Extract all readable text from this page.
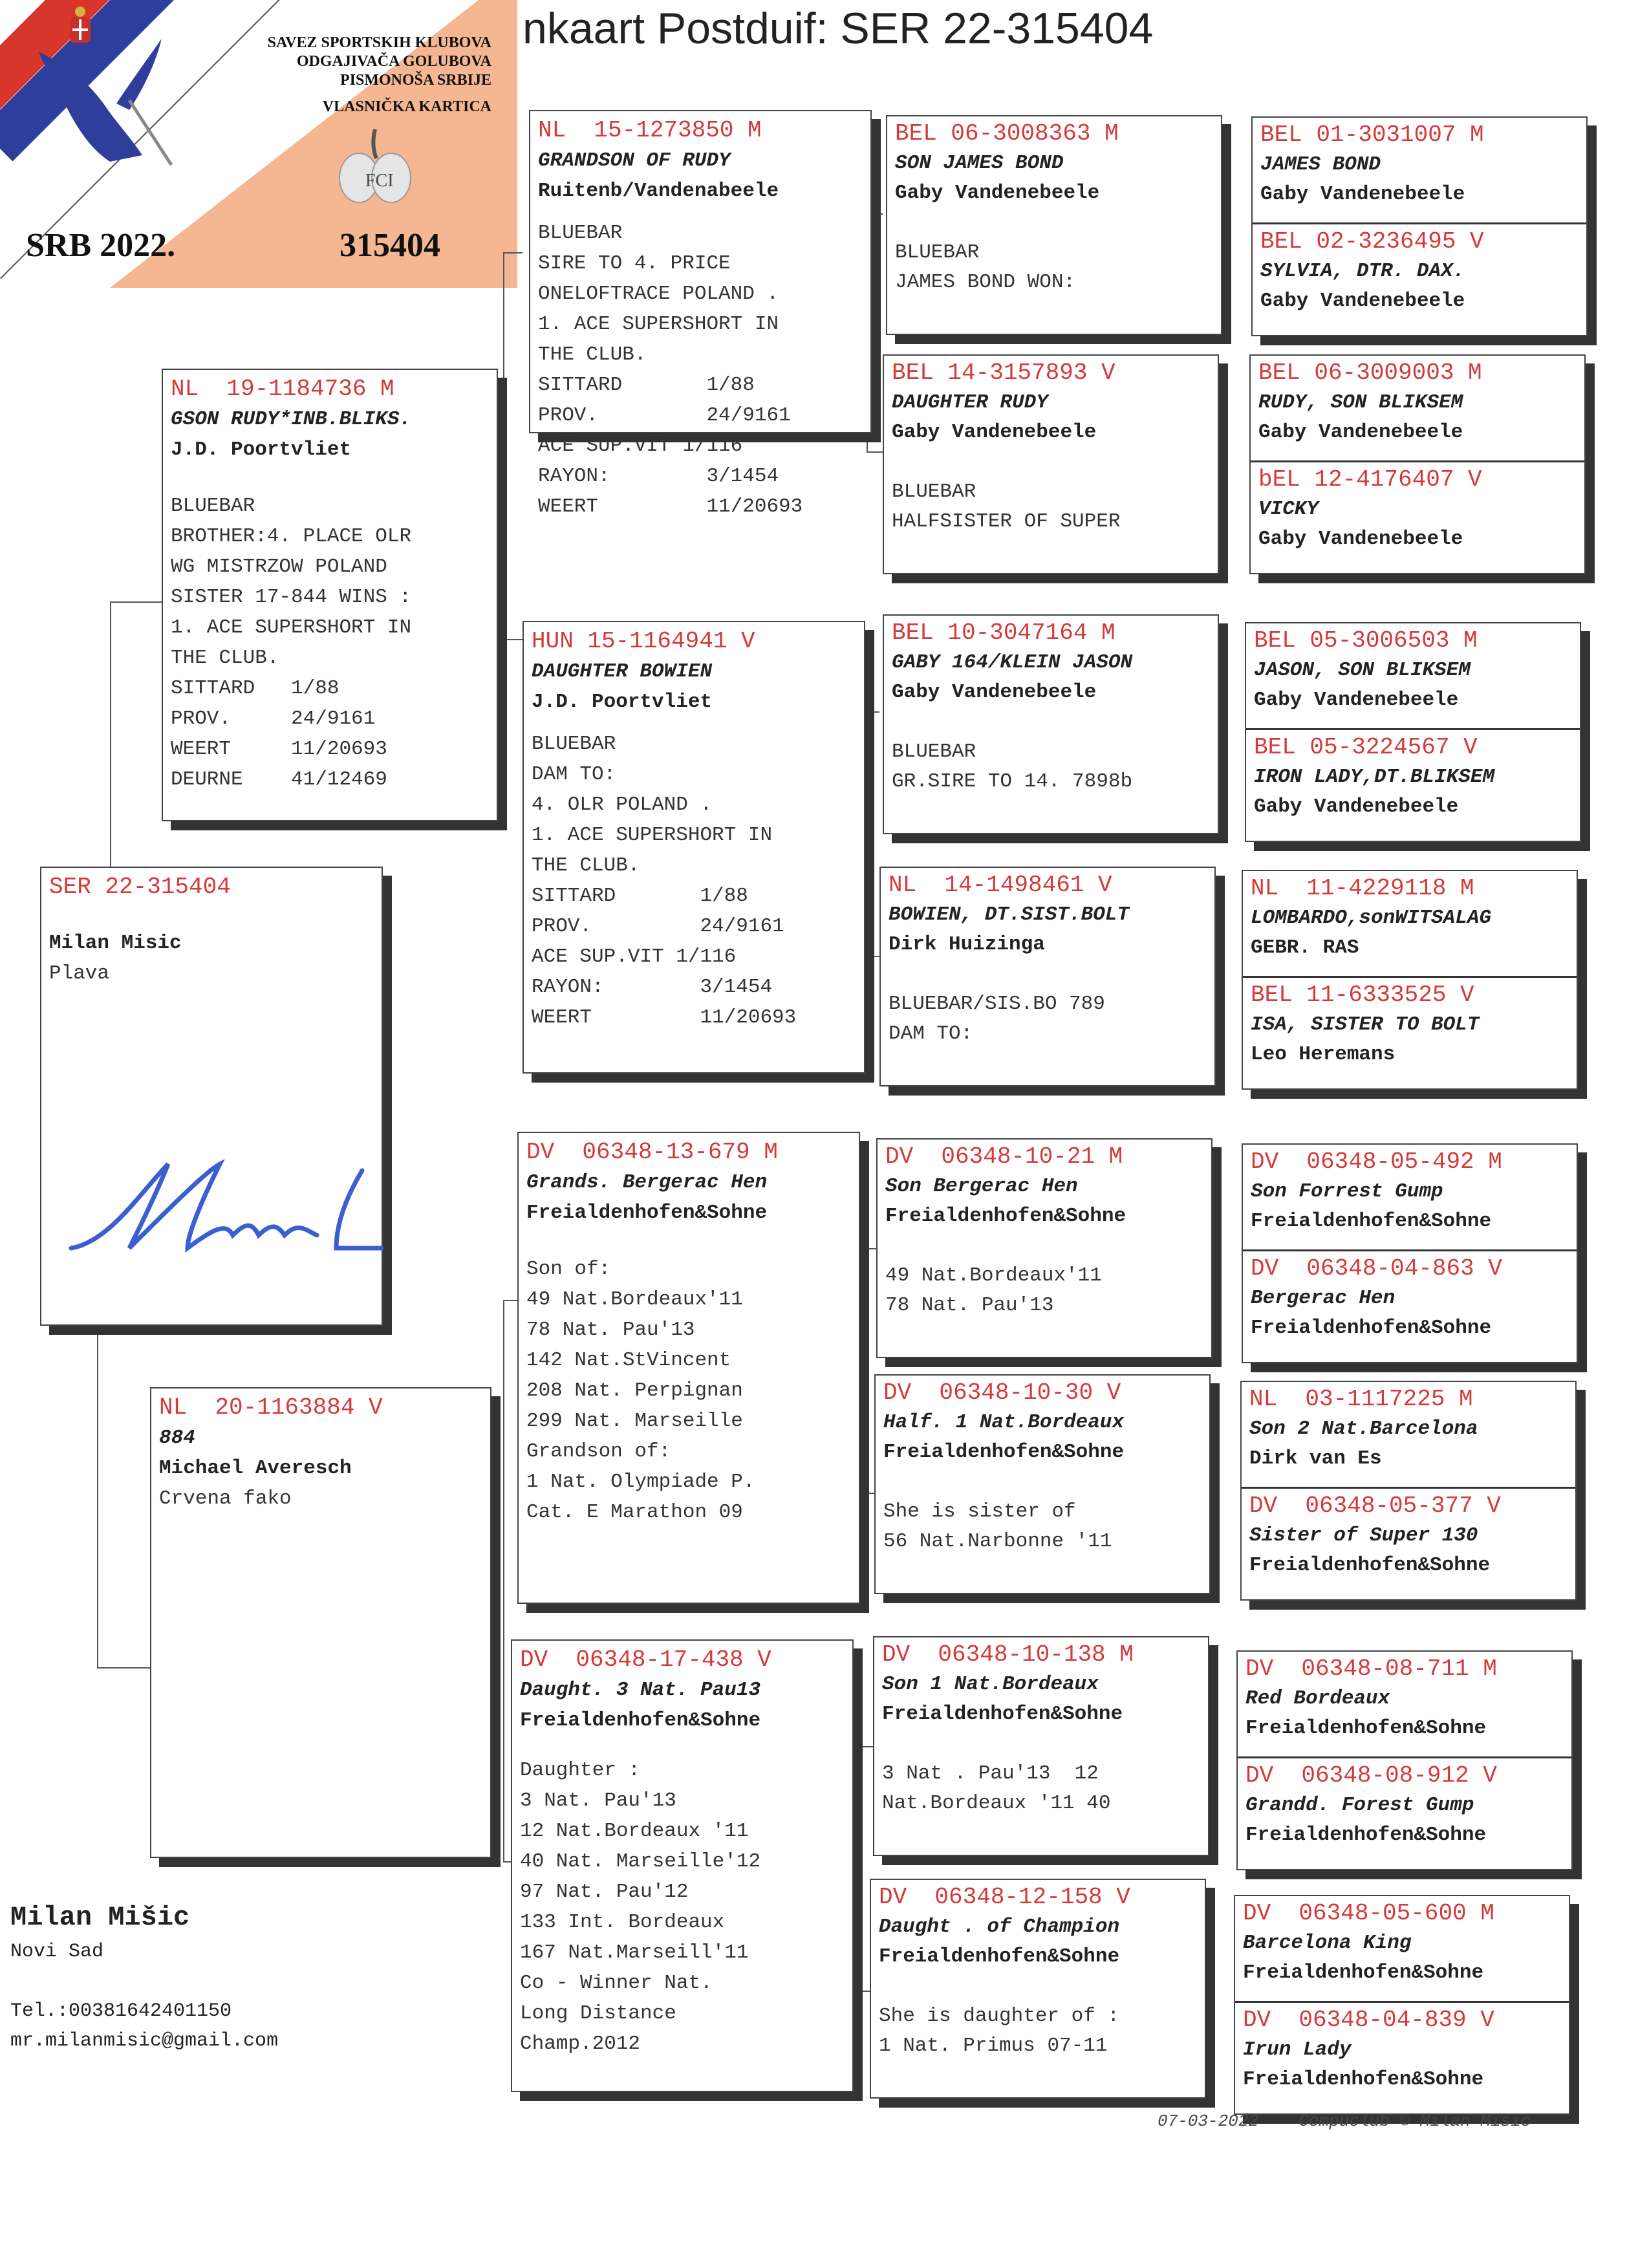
SAVEZ SPORTSKIH KLUBOVA
ODGAJIVAČA GOLUBOVA
PISMONOŠA SRBIJE
VLASNIČKA KARTICA
FCI
SRB 2022.	315404
nkaart Postduif: SER 22-315404
SER 22-315404
Milan Misic
Plava
NL  19-1184736 M
GSON RUDY*INB.BLIKS.
J.D. Poortvliet
BLUEBAR
BROTHER:4. PLACE OLR
WG MISTRZOW POLAND
SISTER 17-844 WINS :
1. ACE SUPERSHORT IN
THE CLUB.
SITTARD   1/88
PROV.     24/9161
WEERT     11/20693
DEURNE    41/12469
NL  20-1163884 V
884
Michael Averesch
Crvena fako
NL  15-1273850 M
GRANDSON OF RUDY
Ruitenb/Vandenabeele
BLUEBAR
SIRE TO 4. PRICE
ONELOFTRACE POLAND .
1. ACE SUPERSHORT IN
THE CLUB.
SITTARD       1/88
PROV.         24/9161
ACE SUP.VIT 1/116
RAYON:        3/1454
WEERT         11/20693
HUN 15-1164941 V
DAUGHTER BOWIEN
J.D. Poortvliet
BLUEBAR
DAM TO:
4. OLR POLAND .
1. ACE SUPERSHORT IN
THE CLUB.
SITTARD       1/88
PROV.         24/9161
ACE SUP.VIT 1/116
RAYON:        3/1454
WEERT         11/20693
DV  06348-13-679 M
Grands. Bergerac Hen
Freialdenhofen&Sohne
Son of:
49 Nat.Bordeaux'11
78 Nat. Pau'13
142 Nat.StVincent
208 Nat. Perpignan
299 Nat. Marseille
Grandson of:
1 Nat. Olympiade P.
Cat. E Marathon 09
DV  06348-17-438 V
Daught. 3 Nat. Pau13
Freialdenhofen&Sohne
Daughter :
3 Nat. Pau'13
12 Nat.Bordeaux '11
40 Nat. Marseille'12
97 Nat. Pau'12
133 Int. Bordeaux
167 Nat.Marseill'11
Co - Winner Nat.
Long Distance
Champ.2012
BEL 06-3008363 M
SON JAMES BOND
Gaby Vandenebeele
BLUEBAR
JAMES BOND WON:
BEL 14-3157893 V
DAUGHTER RUDY
Gaby Vandenebeele
BLUEBAR
HALFSISTER OF SUPER
BEL 10-3047164 M
GABY 164/KLEIN JASON
Gaby Vandenebeele
BLUEBAR
GR.SIRE TO 14. 7898b
NL  14-1498461 V
BOWIEN, DT.SIST.BOLT
Dirk Huizinga
BLUEBAR/SIS.BO 789
DAM TO:
DV  06348-10-21 M
Son Bergerac Hen
Freialdenhofen&Sohne
49 Nat.Bordeaux'11
78 Nat. Pau'13
DV  06348-10-30 V
Half. 1 Nat.Bordeaux
Freialdenhofen&Sohne
She is sister of
56 Nat.Narbonne '11
DV  06348-10-138 M
Son 1 Nat.Bordeaux
Freialdenhofen&Sohne
3 Nat . Pau'13  12
Nat.Bordeaux '11 40
DV  06348-12-158 V
Daught . of Champion
Freialdenhofen&Sohne
She is daughter of :
1 Nat. Primus 07-11
BEL 01-3031007 M
JAMES BOND
Gaby Vandenebeele
BEL 02-3236495 V
SYLVIA, DTR. DAX.
Gaby Vandenebeele
BEL 06-3009003 M
RUDY, SON BLIKSEM
Gaby Vandenebeele
bEL 12-4176407 V
VICKY
Gaby Vandenebeele
BEL 05-3006503 M
JASON, SON BLIKSEM
Gaby Vandenebeele
BEL 05-3224567 V
IRON LADY,DT.BLIKSEM
Gaby Vandenebeele
NL  11-4229118 M
LOMBARDO,sonWITSALAG
GEBR. RAS
BEL 11-6333525 V
ISA, SISTER TO BOLT
Leo Heremans
DV  06348-05-492 M
Son Forrest Gump
Freialdenhofen&Sohne
DV  06348-04-863 V
Bergerac Hen
Freialdenhofen&Sohne
NL  03-1117225 M
Son 2 Nat.Barcelona
Dirk van Es
DV  06348-05-377 V
Sister of Super 130
Freialdenhofen&Sohne
DV  06348-08-711 M
Red Bordeaux
Freialdenhofen&Sohne
DV  06348-08-912 V
Grandd. Forest Gump
Freialdenhofen&Sohne
DV  06348-05-600 M
Barcelona King
Freialdenhofen&Sohne
DV  06348-04-839 V
Irun Lady
Freialdenhofen&Sohne
Milan Mišic
Novi Sad
Tel.:00381642401150
mr.milanmisic@gmail.com
07-03-2022 Compuclub © Milan Mišic
